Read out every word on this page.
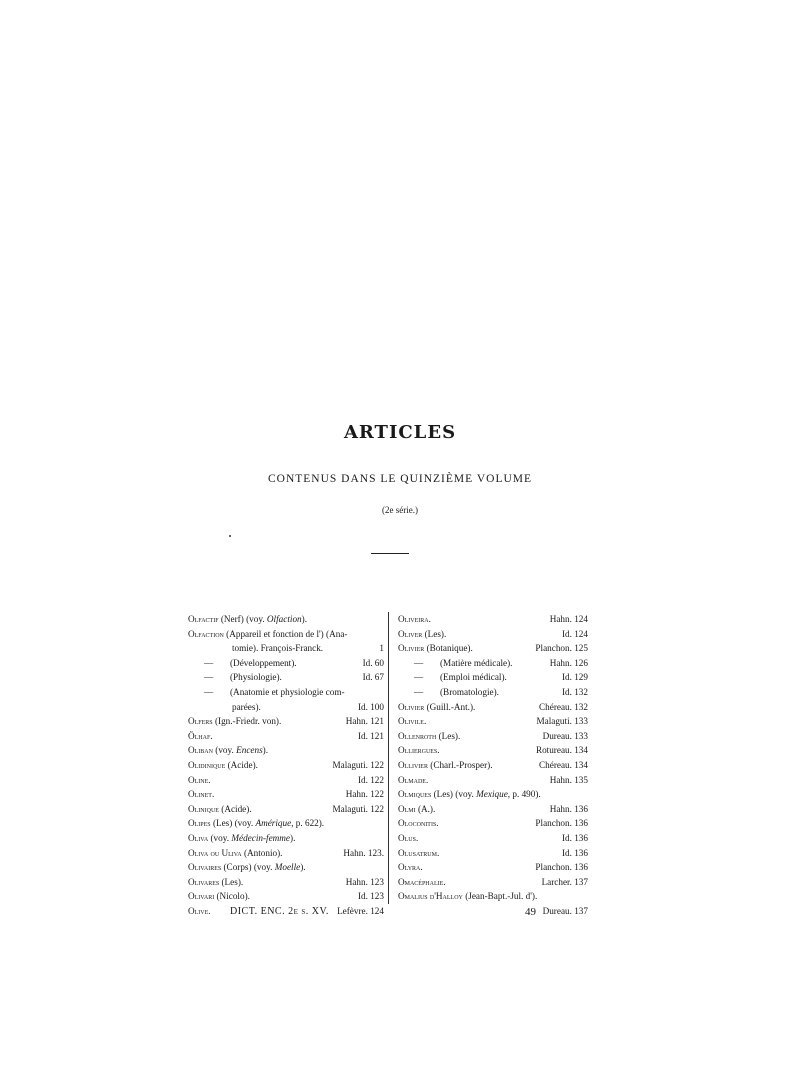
ARTICLES
CONTENUS DANS LE QUINZIÈME VOLUME
(2e série.)
Olfactif (Nerf) (voy. Olfaction).
Olfaction (Appareil et fonction de l') (Ana-
tomie). François-Franck.	1
— (Développement).	Id. 60
— (Physiologie).	Id. 67
— (Anatomie et physiologie com-
parées).	Id. 100
Olfers (Ign.-Friedr. von).	Hahn. 121
Ölhaf.	Id. 121
Oliban (voy. Encens).
Olidinique (Acide).	Malaguti. 122
Oline.	Id. 122
Olinet.	Hahn. 122
Olinique (Acide).	Malaguti. 122
Olipes (Les) (voy. Amérique, p. 622).
Oliva (voy. Médecin-femme).
Oliva ou Uliva (Antonio).	Hahn. 123.
Olivaires (Corps) (voy. Moelle).
Olivares (Les).	Hahn. 123
Olivari (Nicolo).	Id. 123
Olive.	Lefèvre. 124
Oliveira.	Hahn. 124
Oliver (Les).	Id. 124
Olivier (Botanique).	Planchon. 125
— (Matière médicale).	Hahn. 126
— (Emploi médical).	Id. 129
— (Bromatologie).	Id. 132
Olivier (Guill.-Ant.).	Chéreau. 132
Olivile.	Malaguti. 133
Ollenroth (Les).	Dureau. 133
Olliergues.	Rotureau. 134
Ollivier (Charl.-Prosper).	Chéreau. 134
Olmade.	Hahn. 135
Olmiques (Les) (voy. Mexique, p. 490).
Olmi (A.).	Hahn. 136
Oloconitis.	Planchon. 136
Olus.	Id. 136
Olusatrum.	Id. 136
Olyra.	Planchon. 136
Omacéphalie.	Larcher. 137
Omalius d'Halloy (Jean-Bapt.-Jul. d').
Dureau. 137
DICT. ENC. 2e s. XV.	49
